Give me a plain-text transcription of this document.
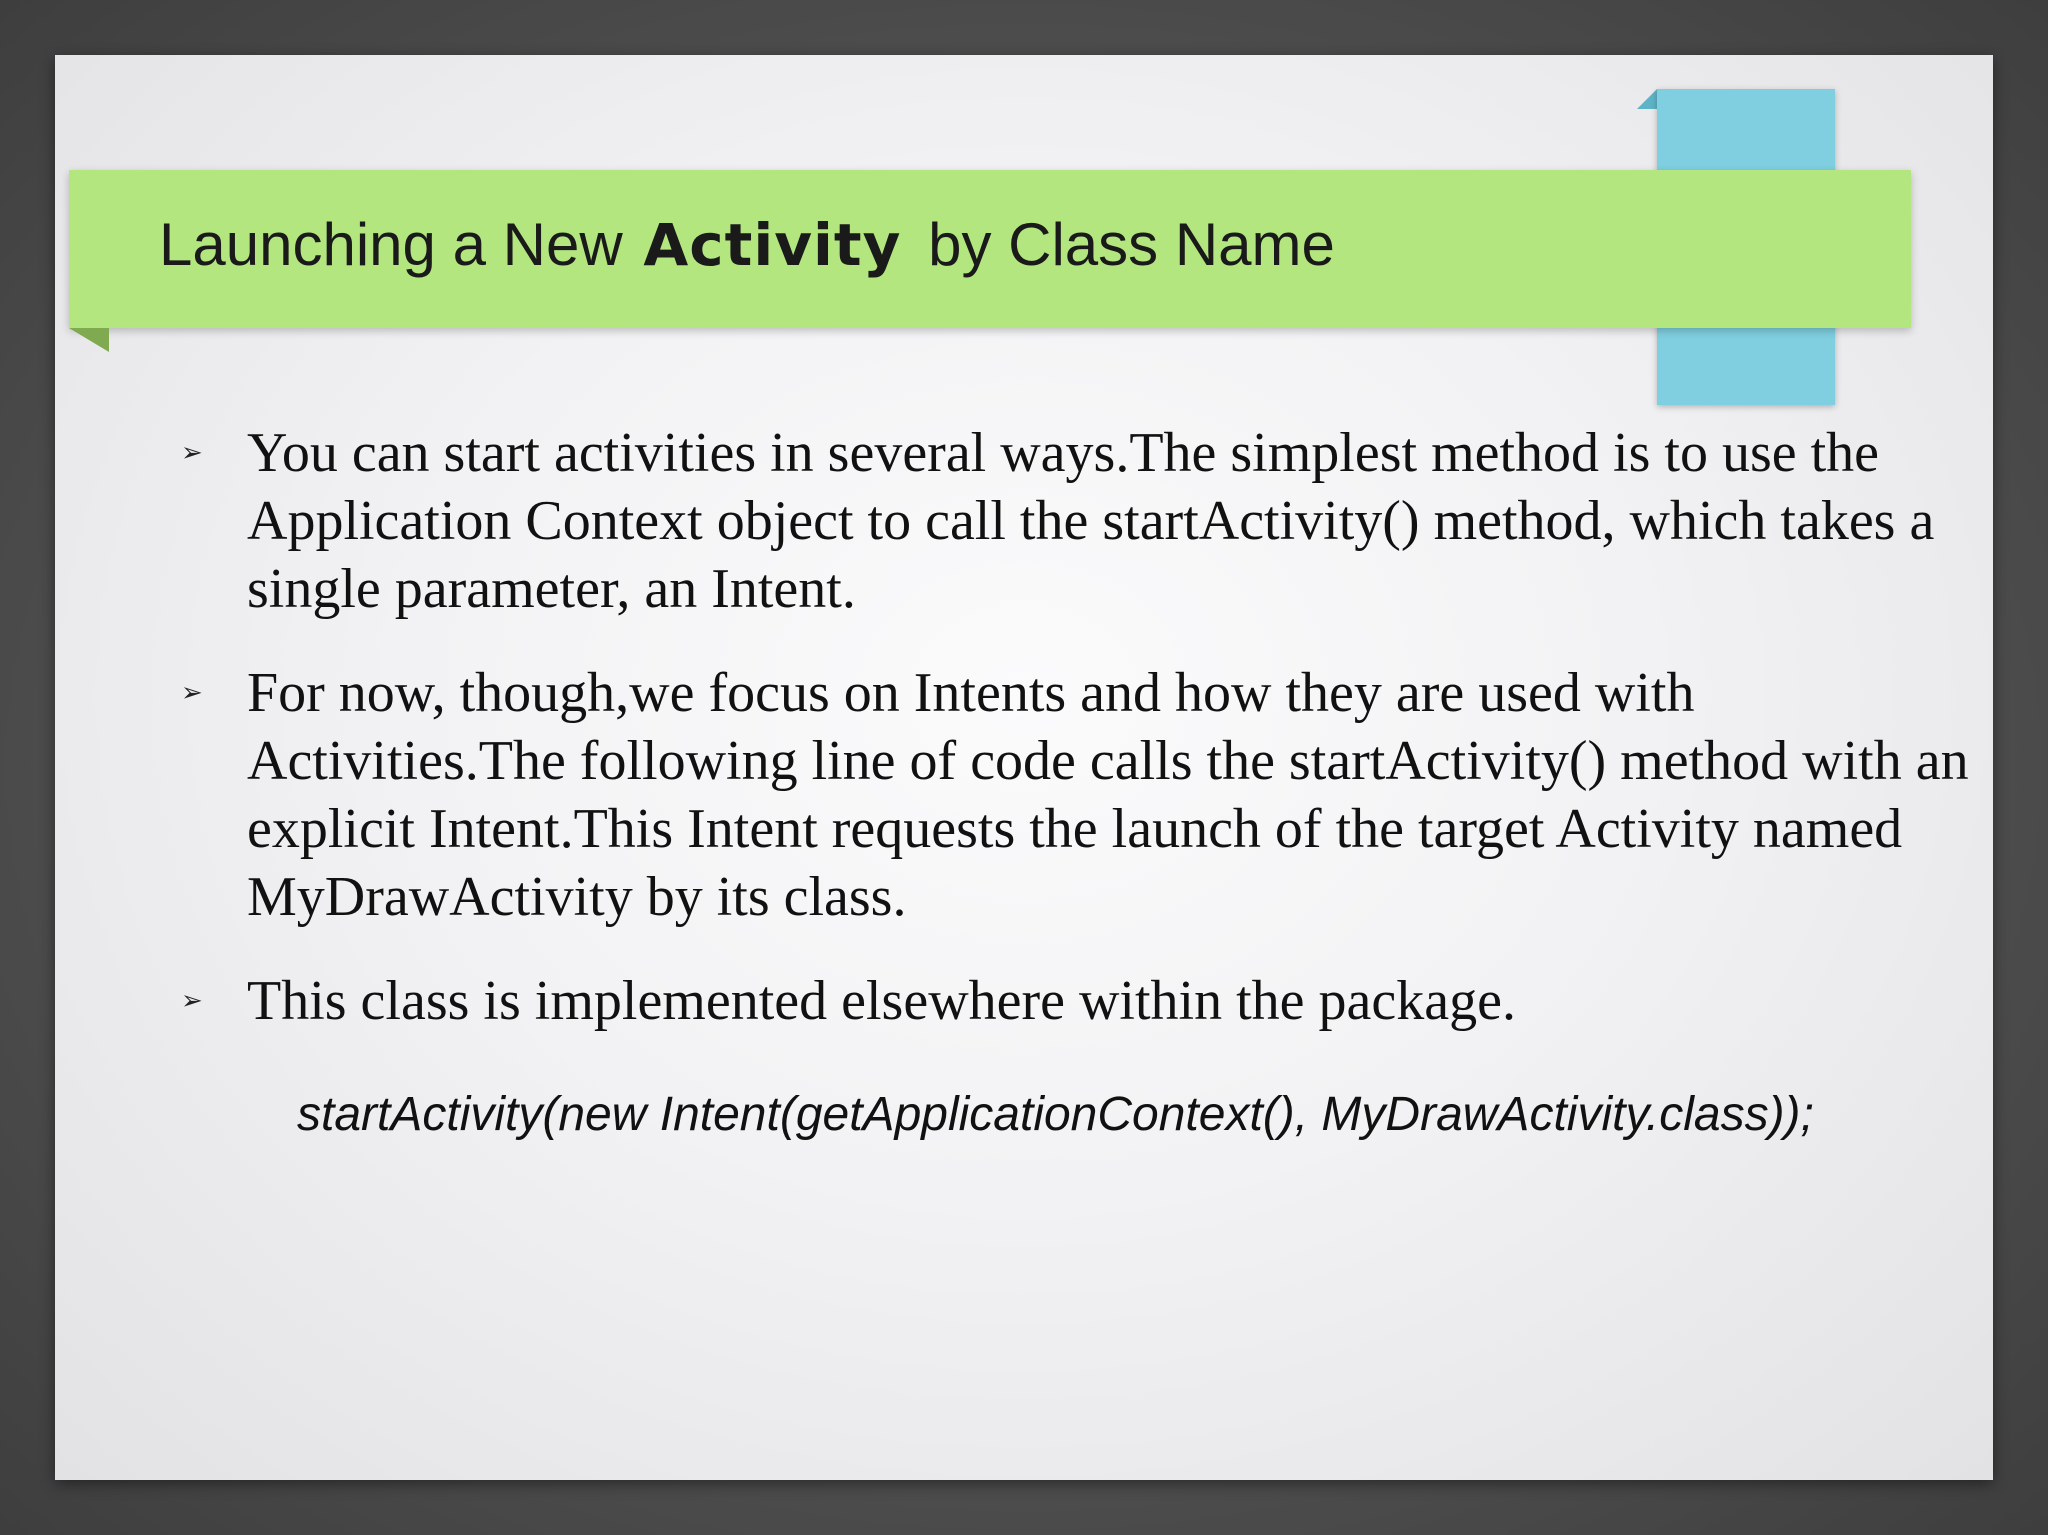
Launching a New Activity by Class Name
➢ You can start activities in several ways.The simplest method is to use the Application Context object to call the startActivity() method, which takes a single parameter, an Intent.
➢ For now, though,we focus on Intents and how they are used with Activities.The following line of code calls the startActivity() method with an explicit Intent.This Intent requests the launch of the target Activity named MyDrawActivity by its class.
➢ This class is implemented elsewhere within the package.
startActivity(new Intent(getApplicationContext(), MyDrawActivity.class));
